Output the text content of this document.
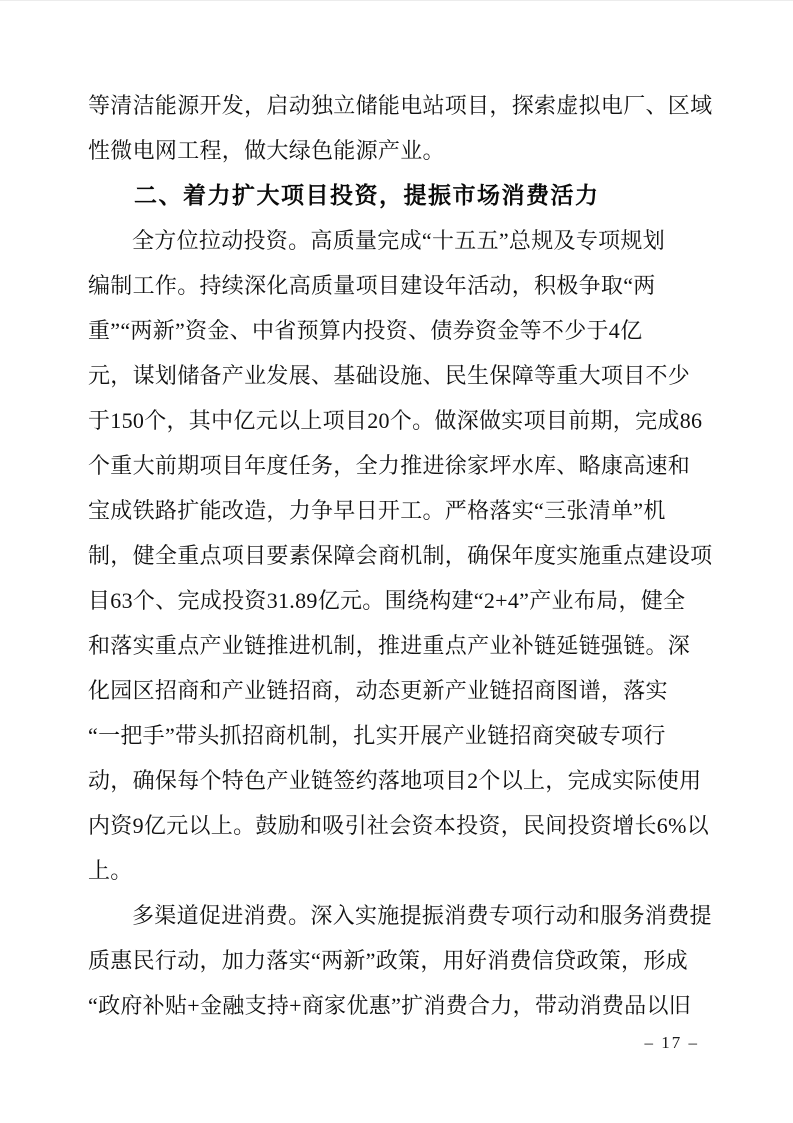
等清洁能源开发，启动独立储能电站项目，探索虚拟电厂、区域
性微电网工程，做大绿色能源产业。
二、着力扩大项目投资，提振市场消费活力
全方位拉动投资。高质量完成“十五五”总规及专项规划
编制工作。持续深化高质量项目建设年活动，积极争取“两
重”“两新”资金、中省预算内投资、债券资金等不少于4亿
元，谋划储备产业发展、基础设施、民生保障等重大项目不少
于150个，其中亿元以上项目20个。做深做实项目前期，完成86
个重大前期项目年度任务，全力推进徐家坪水库、略康高速和
宝成铁路扩能改造，力争早日开工。严格落实“三张清单”机
制，健全重点项目要素保障会商机制，确保年度实施重点建设项
目63个、完成投资31.89亿元。围绕构建“2+4”产业布局，健全
和落实重点产业链推进机制，推进重点产业补链延链强链。深
化园区招商和产业链招商，动态更新产业链招商图谱，落实
“一把手”带头抓招商机制，扎实开展产业链招商突破专项行
动，确保每个特色产业链签约落地项目2个以上，完成实际使用
内资9亿元以上。鼓励和吸引社会资本投资，民间投资增长6%以
上。
多渠道促进消费。深入实施提振消费专项行动和服务消费提
质惠民行动，加力落实“两新”政策，用好消费信贷政策，形成
“政府补贴+金融支持+商家优惠”扩消费合力，带动消费品以旧
– 17 –
